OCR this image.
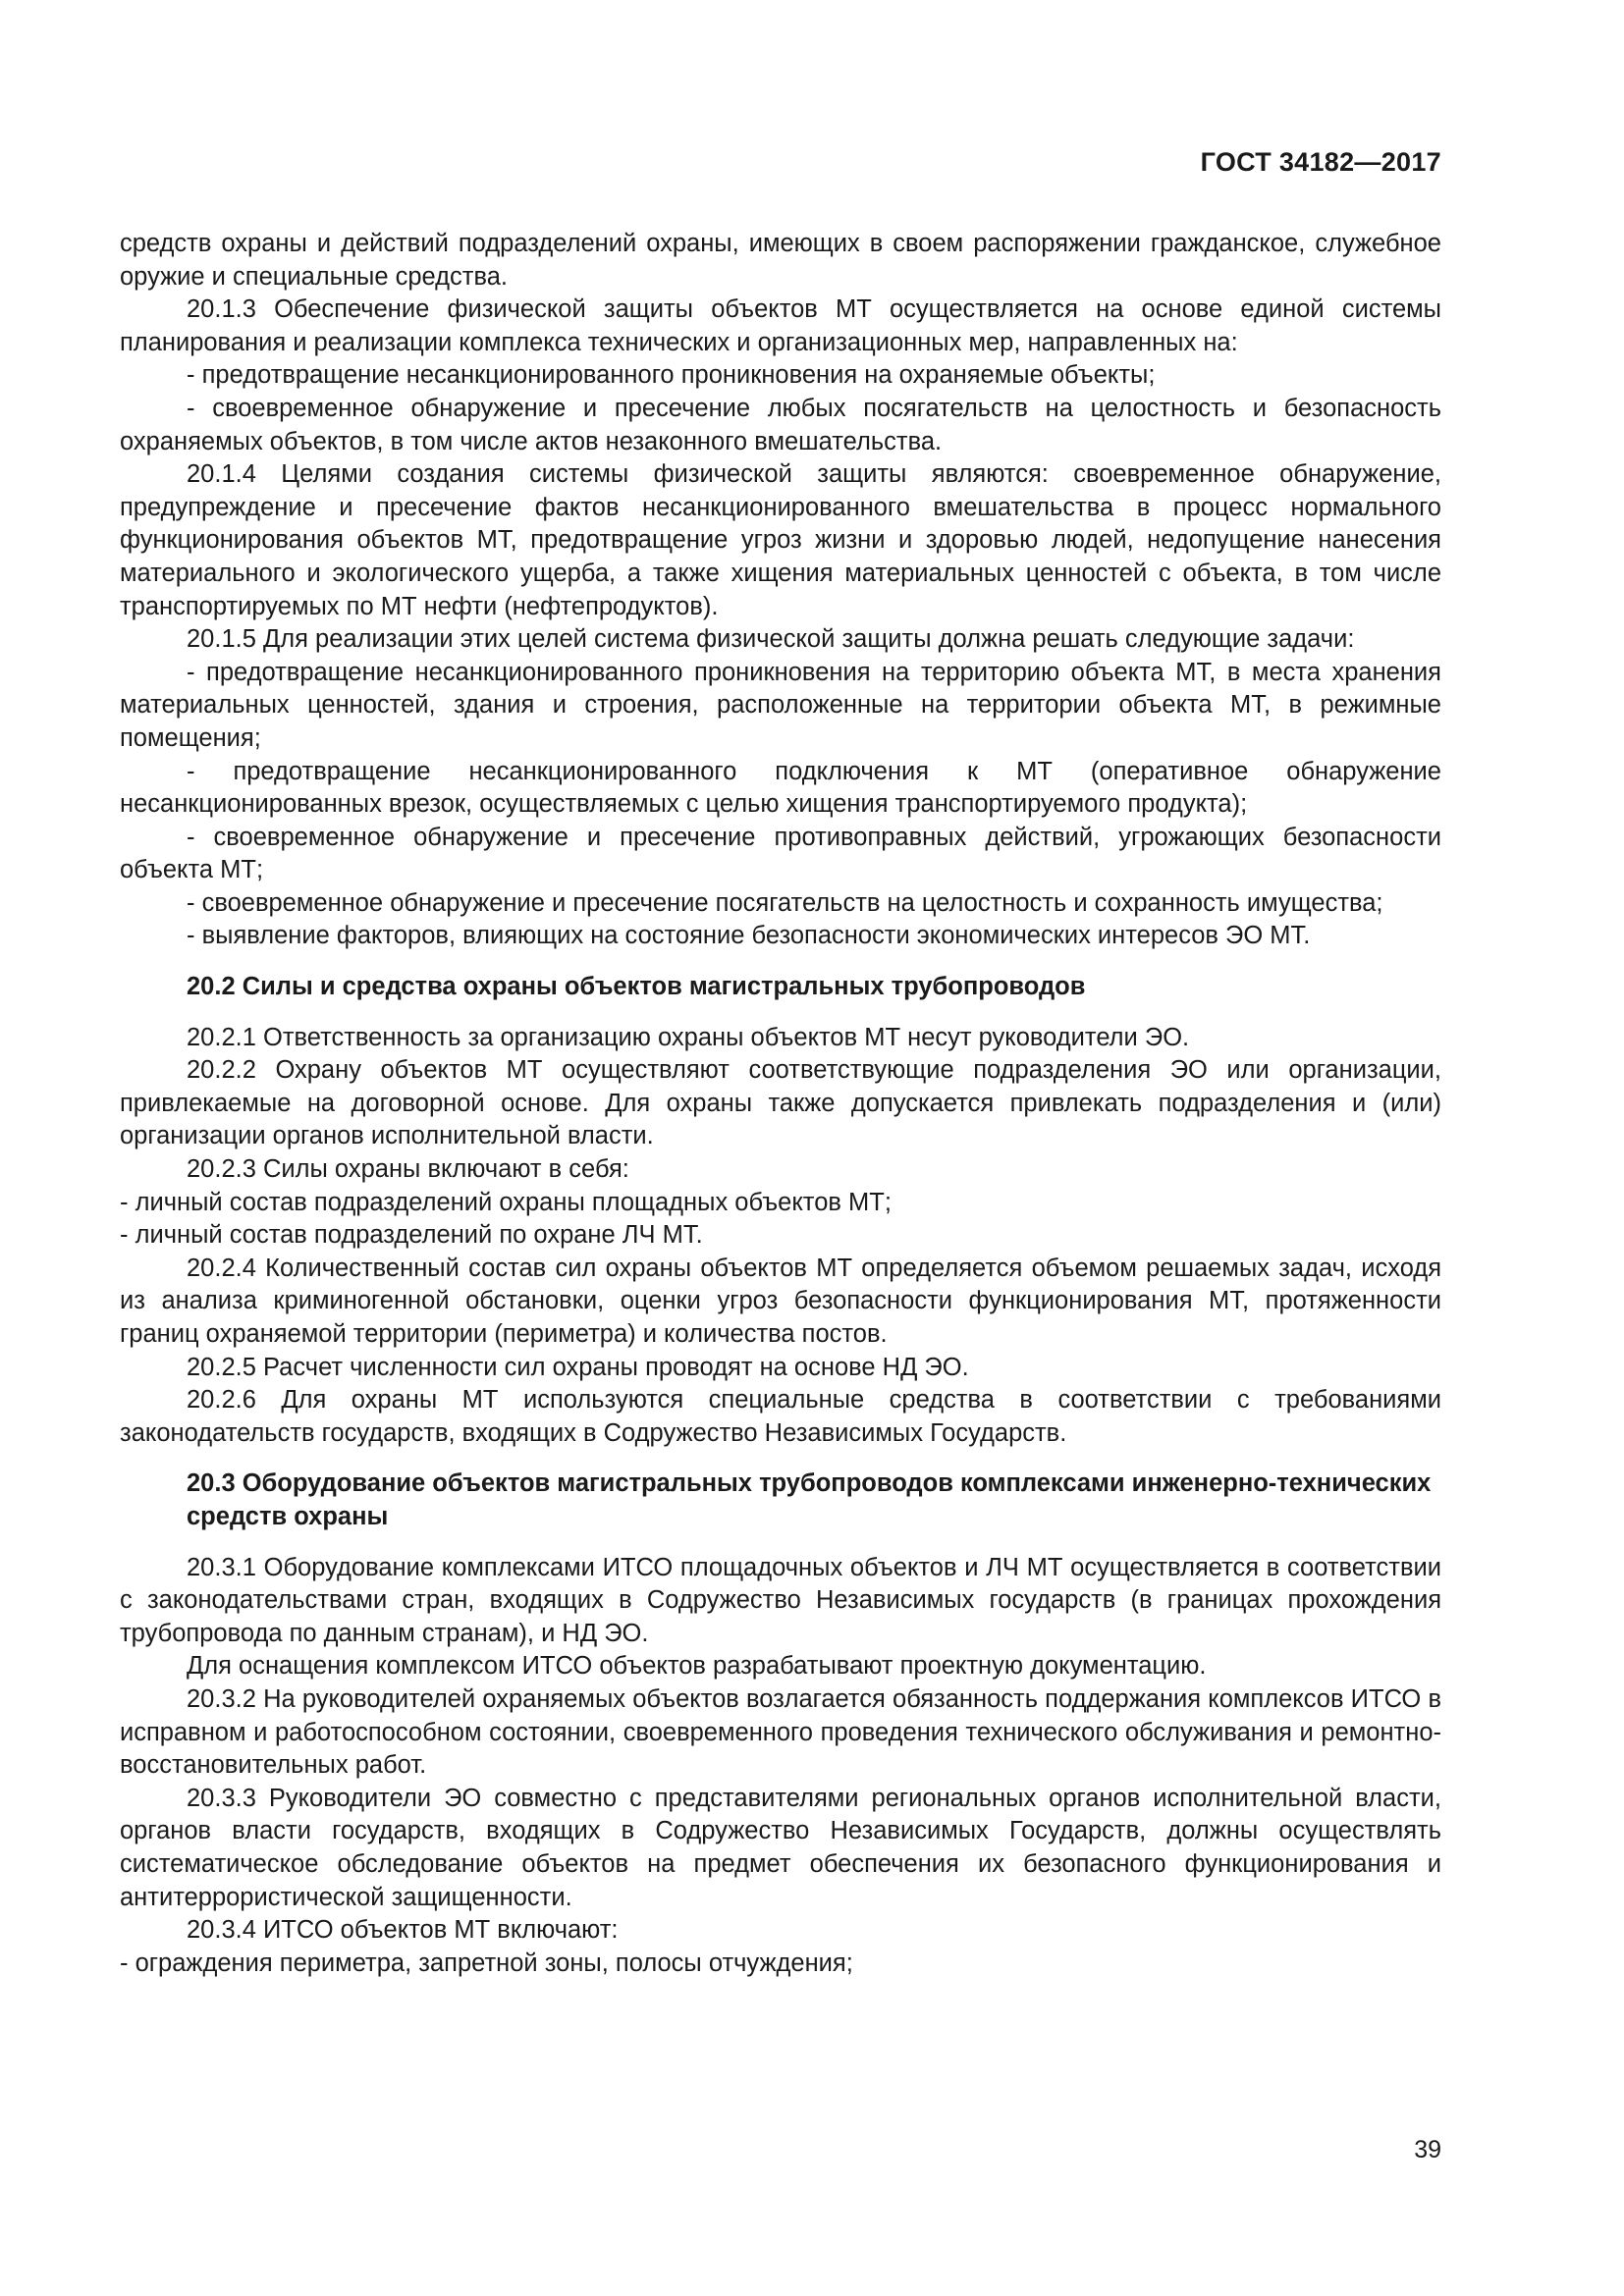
ГОСТ 34182—2017

средств охраны и действий подразделений охраны, имеющих в своем распоряжении гражданское, служебное оружие и специальные средства.

20.1.3 Обеспечение физической защиты объектов МТ осуществляется на основе единой системы планирования и реализации комплекса технических и организационных мер, направленных на:

- предотвращение несанкционированного проникновения на охраняемые объекты;

- своевременное обнаружение и пресечение любых посягательств на целостность и безопасность охраняемых объектов, в том числе актов незаконного вмешательства.

20.1.4 Целями создания системы физической защиты являются: своевременное обнаружение, предупреждение и пресечение фактов несанкционированного вмешательства в процесс нормального функционирования объектов МТ, предотвращение угроз жизни и здоровью людей, недопущение нанесения материального и экологического ущерба, а также хищения материальных ценностей с объекта, в том числе транспортируемых по МТ нефти (нефтепродуктов).

20.1.5 Для реализации этих целей система физической защиты должна решать следующие задачи:

- предотвращение несанкционированного проникновения на территорию объекта МТ, в места хранения материальных ценностей, здания и строения, расположенные на территории объекта МТ, в режимные помещения;

- предотвращение несанкционированного подключения к МТ (оперативное обнаружение несанкционированных врезок, осуществляемых с целью хищения транспортируемого продукта);

- своевременное обнаружение и пресечение противоправных действий, угрожающих безопасности объекта МТ;

- своевременное обнаружение и пресечение посягательств на целостность и сохранность имущества;

- выявление факторов, влияющих на состояние безопасности экономических интересов ЭО МТ.

20.2 Силы и средства охраны объектов магистральных трубопроводов

20.2.1 Ответственность за организацию охраны объектов МТ несут руководители ЭО.

20.2.2 Охрану объектов МТ осуществляют соответствующие подразделения ЭО или организации, привлекаемые на договорной основе. Для охраны также допускается привлекать подразделения и (или) организации органов исполнительной власти.

20.2.3 Силы охраны включают в себя:

- личный состав подразделений охраны площадных объектов МТ;

- личный состав подразделений по охране ЛЧ МТ.

20.2.4 Количественный состав сил охраны объектов МТ определяется объемом решаемых задач, исходя из анализа криминогенной обстановки, оценки угроз безопасности функционирования МТ, протяженности границ охраняемой территории (периметра) и количества постов.

20.2.5 Расчет численности сил охраны проводят на основе НД ЭО.

20.2.6 Для охраны МТ используются специальные средства в соответствии с требованиями законодательств государств, входящих в Содружество Независимых Государств.

20.3 Оборудование объектов магистральных трубопроводов комплексами инженерно-технических средств охраны

20.3.1 Оборудование комплексами ИТСО площадочных объектов и ЛЧ МТ осуществляется в соответствии с законодательствами стран, входящих в Содружество Независимых государств (в границах прохождения трубопровода по данным странам), и НД ЭО.

Для оснащения комплексом ИТСО объектов разрабатывают проектную документацию.

20.3.2 На руководителей охраняемых объектов возлагается обязанность поддержания комплексов ИТСО в исправном и работоспособном состоянии, своевременного проведения технического обслуживания и ремонтно-восстановительных работ.

20.3.3 Руководители ЭО совместно с представителями региональных органов исполнительной власти, органов власти государств, входящих в Содружество Независимых Государств, должны осуществлять систематическое обследование объектов на предмет обеспечения их безопасного функционирования и антитеррористической защищенности.

20.3.4 ИТСО объектов МТ включают:

- ограждения периметра, запретной зоны, полосы отчуждения;

39
